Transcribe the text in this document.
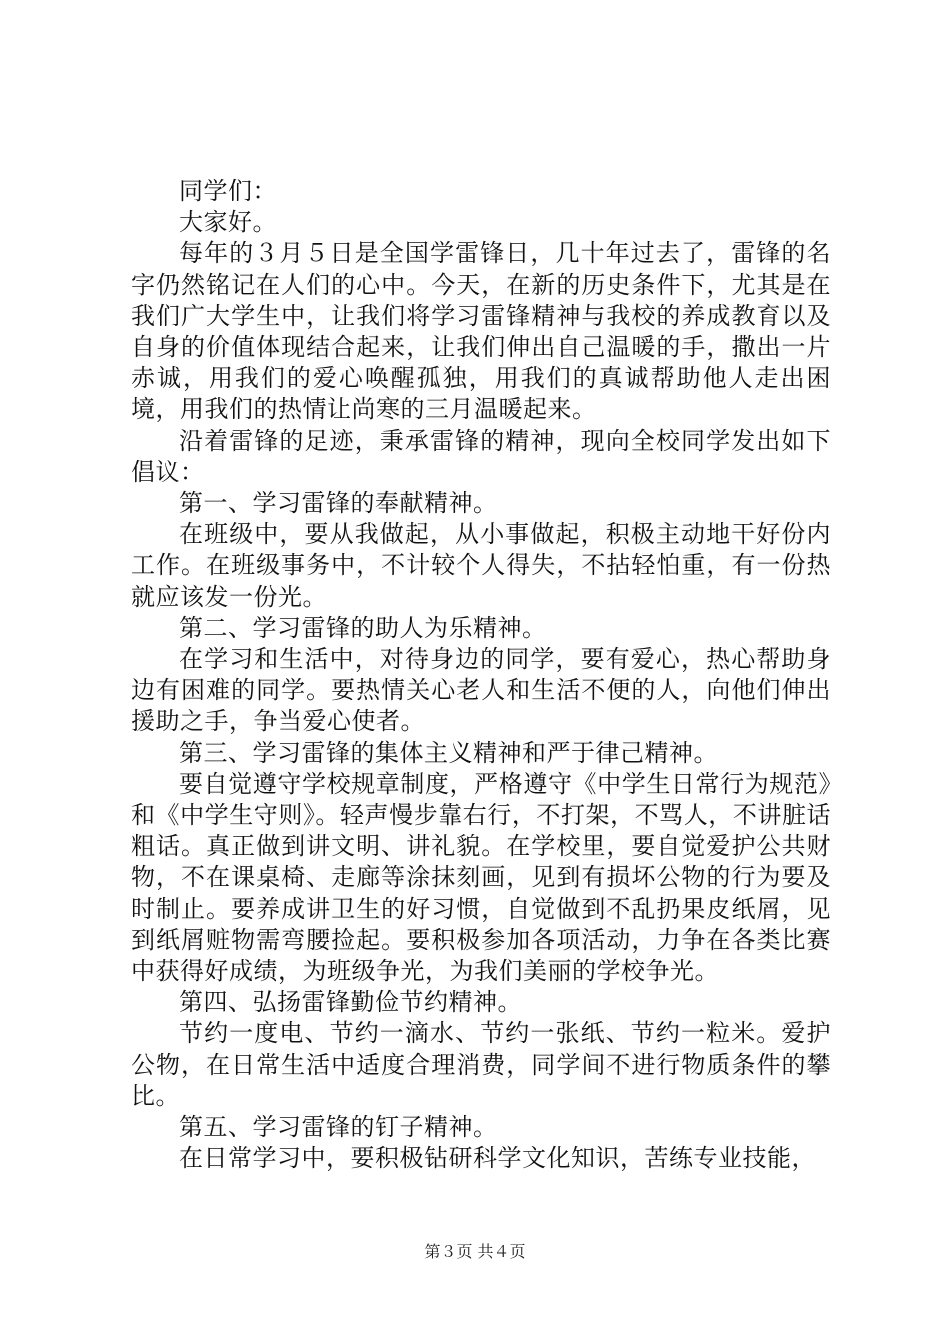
同学们：

大家好。

每年的３月５日是全国学雷锋日，几十年过去了，雷锋的名字仍然铭记在人们的心中。今天，在新的历史条件下，尤其是在我们广大学生中，让我们将学习雷锋精神与我校的养成教育以及自身的价值体现结合起来，让我们伸出自己温暖的手，撒出一片赤诚，用我们的爱心唤醒孤独，用我们的真诚帮助他人走出困境，用我们的热情让尚寒的三月温暖起来。

沿着雷锋的足迹，秉承雷锋的精神，现向全校同学发出如下倡议：

第一、学习雷锋的奉献精神。

在班级中，要从我做起，从小事做起，积极主动地干好份内工作。在班级事务中，不计较个人得失，不拈轻怕重，有一份热就应该发一份光。

第二、学习雷锋的助人为乐精神。

在学习和生活中，对待身边的同学，要有爱心，热心帮助身边有困难的同学。要热情关心老人和生活不便的人，向他们伸出援助之手，争当爱心使者。

第三、学习雷锋的集体主义精神和严于律己精神。

要自觉遵守学校规章制度，严格遵守《中学生日常行为规范》和《中学生守则》。轻声慢步靠右行，不打架，不骂人，不讲脏话粗话。真正做到讲文明、讲礼貌。在学校里，要自觉爱护公共财物，不在课桌椅、走廊等涂抹刻画，见到有损坏公物的行为要及时制止。要养成讲卫生的好习惯，自觉做到不乱扔果皮纸屑，见到纸屑赃物需弯腰捡起。要积极参加各项活动，力争在各类比赛中获得好成绩，为班级争光，为我们美丽的学校争光。

第四、弘扬雷锋勤俭节约精神。

节约一度电、节约一滴水、节约一张纸、节约一粒米。爱护公物，在日常生活中适度合理消费，同学间不进行物质条件的攀比。

第五、学习雷锋的钉子精神。

在日常学习中，要积极钻研科学文化知识，苦练专业技能，

第３页 共４页
